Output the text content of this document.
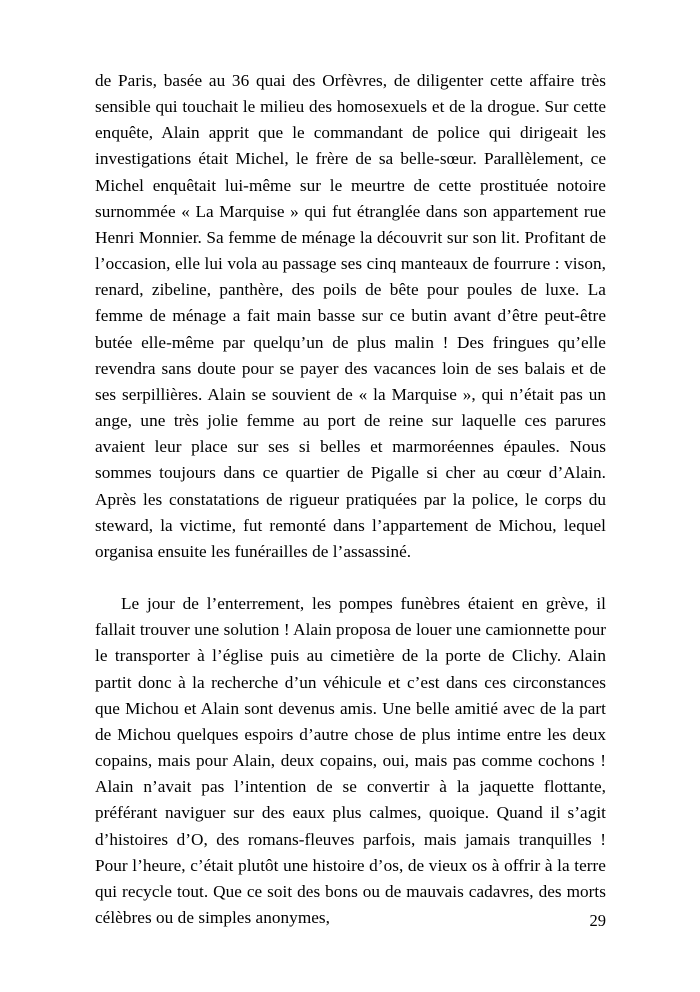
de Paris, basée au 36 quai des Orfèvres, de diligenter cette affaire très sensible qui touchait le milieu des homosexuels et de la drogue. Sur cette enquête, Alain apprit que le commandant de police qui dirigeait les investigations était Michel, le frère de sa belle-sœur. Parallèlement, ce Michel enquêtait lui-même sur le meurtre de cette prostituée notoire surnommée « La Marquise » qui fut étranglée dans son appartement rue Henri Monnier. Sa femme de ménage la découvrit sur son lit. Profitant de l’occasion, elle lui vola au passage ses cinq manteaux de fourrure : vison, renard, zibeline, panthère, des poils de bête pour poules de luxe. La femme de ménage a fait main basse sur ce butin avant d’être peut-être butée elle-même par quelqu’un de plus malin ! Des fringues qu’elle revendra sans doute pour se payer des vacances loin de ses balais et de ses serpillières. Alain se souvient de « la Marquise », qui n’était pas un ange, une très jolie femme au port de reine sur laquelle ces parures avaient leur place sur ses si belles et marmoréennes épaules. Nous sommes toujours dans ce quartier de Pigalle si cher au cœur d’Alain. Après les constatations de rigueur pratiquées par la police, le corps du steward, la victime, fut remonté dans l’appartement de Michou, lequel organisa ensuite les funérailles de l’assassiné.

Le jour de l’enterrement, les pompes funèbres étaient en grève, il fallait trouver une solution ! Alain proposa de louer une camionnette pour le transporter à l’église puis au cimetière de la porte de Clichy. Alain partit donc à la recherche d’un véhicule et c’est dans ces circonstances que Michou et Alain sont devenus amis. Une belle amitié avec de la part de Michou quelques espoirs d’autre chose de plus intime entre les deux copains, mais pour Alain, deux copains, oui, mais pas comme cochons ! Alain n’avait pas l’intention de se convertir à la jaquette flottante, préférant naviguer sur des eaux plus calmes, quoique. Quand il s’agit d’histoires d’O, des romans-fleuves parfois, mais jamais tranquilles ! Pour l’heure, c’était plutôt une histoire d’os, de vieux os à offrir à la terre qui recycle tout. Que ce soit des bons ou de mauvais cadavres, des morts célèbres ou de simples anonymes,	29
